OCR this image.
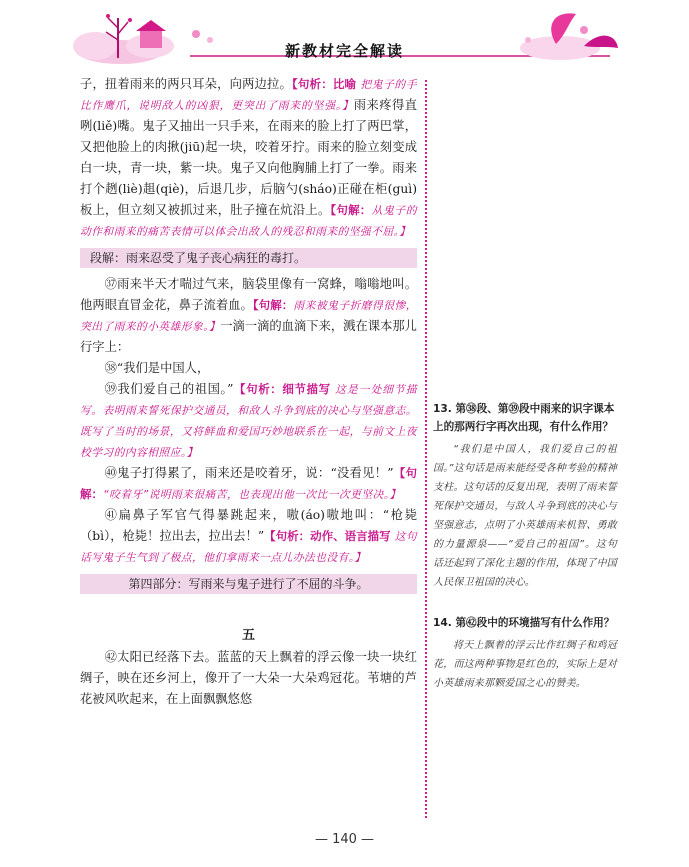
新教材完全解读

子，扭着雨来的两只耳朵，向两边拉。【句析：比喻 把鬼子的手比作鹰爪，说明敌人的凶狠，更突出了雨来的坚强。】雨来疼得直咧(liě)嘴。鬼子又抽出一只手来，在雨来的脸上打了两巴掌，又把他脸上的肉揪(jiū)起一块，咬着牙拧。雨来的脸立刻变成白一块，青一块，紫一块。鬼子又向他胸脯上打了一拳。雨来打个趔(liè)趄(qiè)，后退几步，后脑勺(sháo)正碰在柜(guì)板上，但立刻又被抓过来，肚子撞在炕沿上。【句解：从鬼子的动作和雨来的痛苦表情可以体会出敌人的残忍和雨来的坚强不屈。】

段解：雨来忍受了鬼子丧心病狂的毒打。

㊲雨来半天才喘过气来，脑袋里像有一窝蜂，嗡嗡地叫。他两眼直冒金花，鼻子流着血。【句解：雨来被鬼子折磨得很惨，突出了雨来的小英雄形象。】一滴一滴的血滴下来，溅在课本那儿行字上：

㊳“我们是中国人，

㊴我们爱自己的祖国。”【句析：细节描写 这是一处细节描写。表明雨来誓死保护交通员，和敌人斗争到底的决心与坚强意志。既写了当时的场景，又将鲜血和爱国巧妙地联系在一起，与前文上夜校学习的内容相照应。】

㊵鬼子打得累了，雨来还是咬着牙，说：“没看见！”【句解：“咬着牙”说明雨来很痛苦，也表现出他一次比一次更坚决。】

㊶扁鼻子军官气得暴跳起来，嗷(áo)嗷地叫：“枪毙（bì），枪毙！拉出去，拉出去！”【句析：动作、语言描写 这句话写鬼子生气到了极点，他们拿雨来一点儿办法也没有。】

第四部分：写雨来与鬼子进行了不屈的斗争。
五

㊷太阳已经落下去。蓝蓝的天上飘着的浮云像一块一块红绸子，映在还乡河上，像开了一大朵一大朵鸡冠花。苇塘的芦花被风吹起来，在上面飘飘悠悠

13. 第㊳段、第㊴段中雨来的识字课本上的那两行字再次出现，有什么作用？

“我们是中国人，我们爱自己的祖国。”这句话是雨来能经受各种考验的精神支柱。这句话的反复出现，表明了雨来誓死保护交通员，与敌人斗争到底的决心与坚强意志，点明了小英雄雨来机智、勇敢的力量源泉——“爱自己的祖国”。这句话还起到了深化主题的作用，体现了中国人民保卫祖国的决心。

14. 第㊷段中的环境描写有什么作用？

将天上飘着的浮云比作红绸子和鸡冠花，而这两种事物是红色的，实际上是对小英雄雨来那颗爱国之心的赞美。

— 140 —
